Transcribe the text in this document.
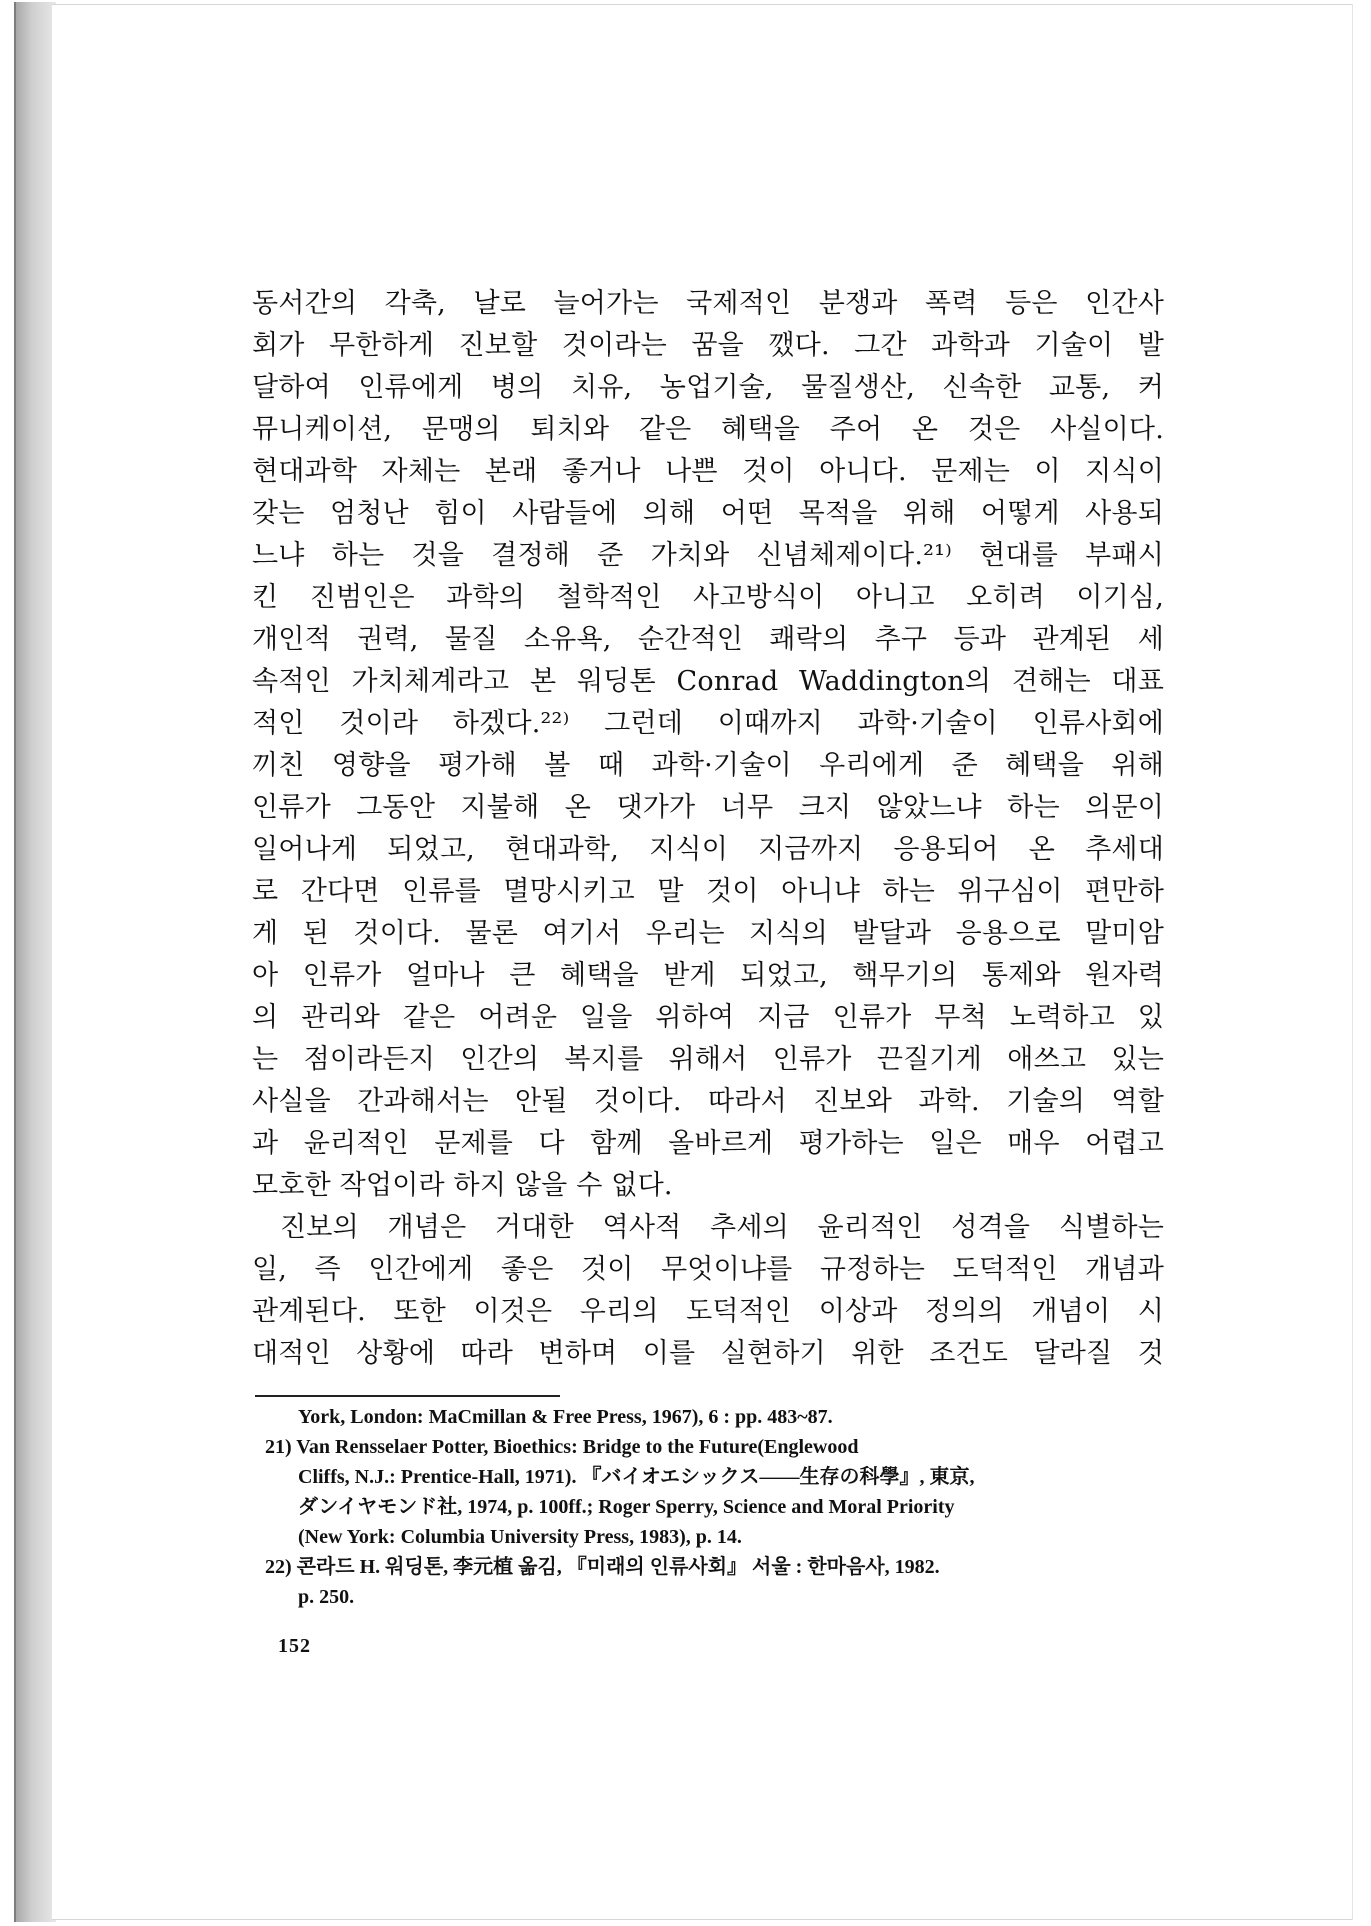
동서간의 각축, 날로 늘어가는 국제적인 분쟁과 폭력 등은 인간사
회가 무한하게 진보할 것이라는 꿈을 깼다. 그간 과학과 기술이 발
달하여 인류에게 병의 치유, 농업기술, 물질생산, 신속한 교통, 커
뮤니케이션, 문맹의 퇴치와 같은 혜택을 주어 온 것은 사실이다.
현대과학 자체는 본래 좋거나 나쁜 것이 아니다. 문제는 이 지식이
갖는 엄청난 힘이 사람들에 의해 어떤 목적을 위해 어떻게 사용되
느냐 하는 것을 결정해 준 가치와 신념체제이다.²¹⁾ 현대를 부패시
킨 진범인은 과학의 철학적인 사고방식이 아니고 오히려 이기심,
개인적 권력, 물질 소유욕, 순간적인 쾌락의 추구 등과 관계된 세
속적인 가치체계라고 본 워딩톤 Conrad Waddington의 견해는 대표
적인 것이라 하겠다.²²⁾ 그런데 이때까지 과학·기술이 인류사회에
끼친 영향을 평가해 볼 때 과학·기술이 우리에게 준 혜택을 위해
인류가 그동안 지불해 온 댓가가 너무 크지 않았느냐 하는 의문이
일어나게 되었고, 현대과학, 지식이 지금까지 응용되어 온 추세대
로 간다면 인류를 멸망시키고 말 것이 아니냐 하는 위구심이 편만하
게 된 것이다. 물론 여기서 우리는 지식의 발달과 응용으로 말미암
아 인류가 얼마나 큰 혜택을 받게 되었고, 핵무기의 통제와 원자력
의 관리와 같은 어려운 일을 위하여 지금 인류가 무척 노력하고 있
는 점이라든지 인간의 복지를 위해서 인류가 끈질기게 애쓰고 있는
사실을 간과해서는 안될 것이다. 따라서 진보와 과학. 기술의 역할
과 윤리적인 문제를 다 함께 올바르게 평가하는 일은 매우 어렵고
모호한 작업이라 하지 않을 수 없다.
진보의 개념은 거대한 역사적 추세의 윤리적인 성격을 식별하는
일, 즉 인간에게 좋은 것이 무엇이냐를 규정하는 도덕적인 개념과
관계된다. 또한 이것은 우리의 도덕적인 이상과 정의의 개념이 시
대적인 상황에 따라 변하며 이를 실현하기 위한 조건도 달라질 것
York, London: MaCmillan & Free Press, 1967), 6 : pp. 483~87.
21) Van Rensselaer Potter, Bioethics: Bridge to the Future(Englewood
Cliffs, N.J.: Prentice-Hall, 1971). 『バイオエシックス――生存の科學』, 東京,
ダンイヤモンド社, 1974, p. 100ff.; Roger Sperry, Science and Moral Priority
(New York: Columbia University Press, 1983), p. 14.
22) 콘라드 H. 워딩톤, 李元植 옮김, 『미래의 인류사회』 서울 : 한마음사, 1982.
p. 250.
152
